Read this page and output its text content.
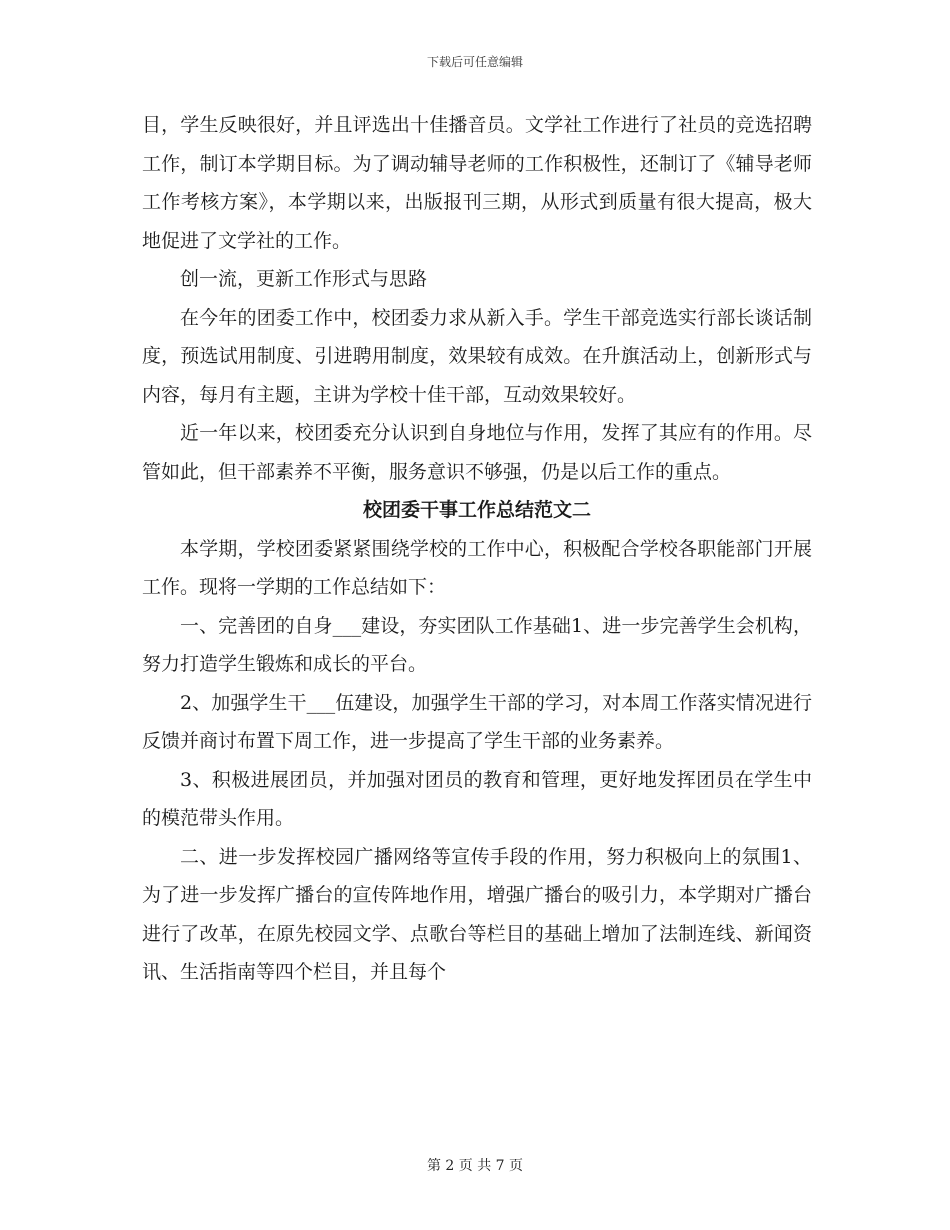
下载后可任意编辑

目，学生反映很好，并且评选出十佳播音员。文学社工作进行了社员的竞选招聘工作，制订本学期目标。为了调动辅导老师的工作积极性，还制订了《辅导老师工作考核方案》，本学期以来，出版报刊三期，从形式到质量有很大提高，极大地促进了文学社的工作。

创一流，更新工作形式与思路

在今年的团委工作中，校团委力求从新入手。学生干部竞选实行部长谈话制度，预选试用制度、引进聘用制度，效果较有成效。在升旗活动上，创新形式与内容，每月有主题，主讲为学校十佳干部，互动效果较好。

近一年以来，校团委充分认识到自身地位与作用，发挥了其应有的作用。尽管如此，但干部素养不平衡，服务意识不够强，仍是以后工作的重点。

校团委干事工作总结范文二

本学期，学校团委紧紧围绕学校的工作中心，积极配合学校各职能部门开展工作。现将一学期的工作总结如下：

一、完善团的自身___建设，夯实团队工作基础1、进一步完善学生会机构，努力打造学生锻炼和成长的平台。

2、加强学生干___伍建设，加强学生干部的学习，对本周工作落实情况进行反馈并商讨布置下周工作，进一步提高了学生干部的业务素养。

3、积极进展团员，并加强对团员的教育和管理，更好地发挥团员在学生中的模范带头作用。

二、进一步发挥校园广播网络等宣传手段的作用，努力积极向上的氛围1、为了进一步发挥广播台的宣传阵地作用，增强广播台的吸引力，本学期对广播台进行了改革，在原先校园文学、点歌台等栏目的基础上增加了法制连线、新闻资讯、生活指南等四个栏目，并且每个

第 2 页 共 7 页
